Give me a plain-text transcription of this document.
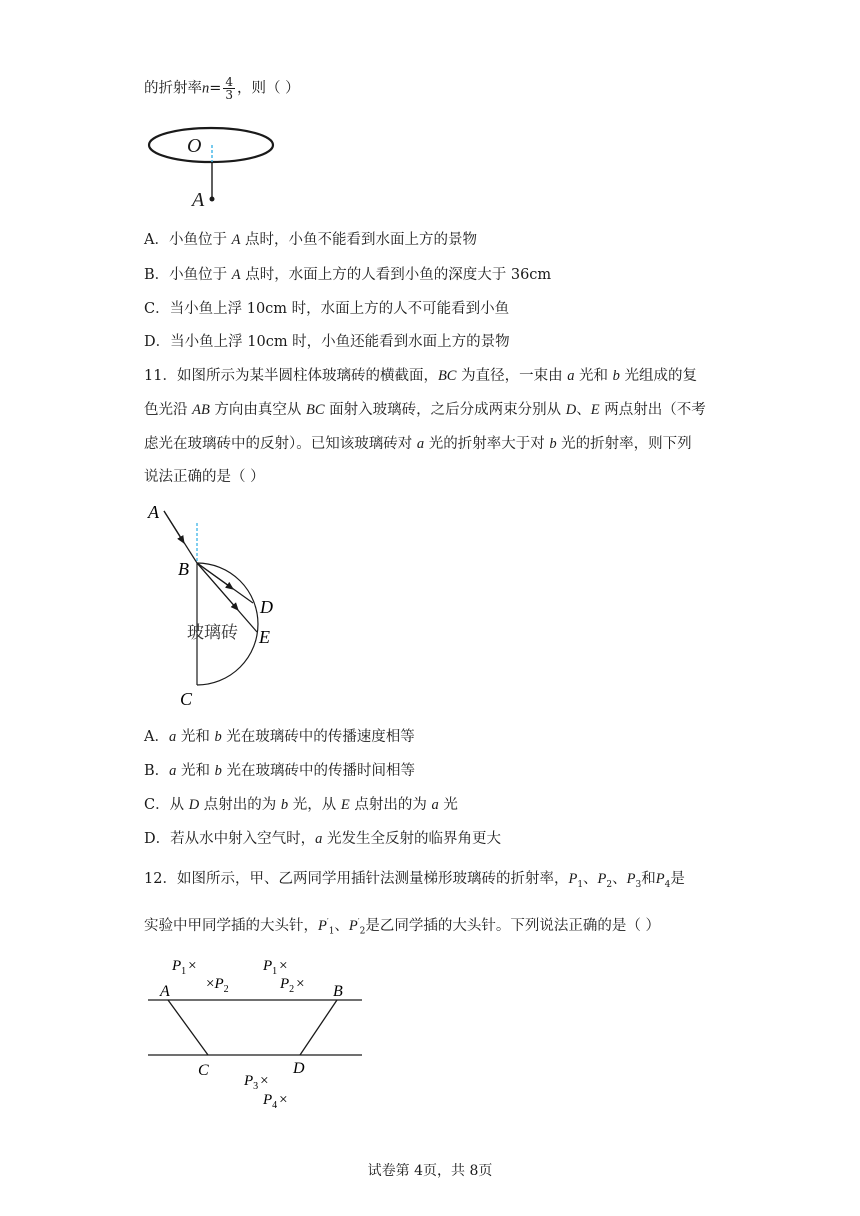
的折射率$n= \frac{4}{3}$ ，则（ ）
O
A
A．小鱼位于 A 点时，小鱼不能看到水面上方的景物
B．小鱼位于 A 点时，水面上方的人看到小鱼的深度大于 36cm
C．当小鱼上浮 10cm 时，水面上方的人不可能看到小鱼
D．当小鱼上浮 10cm 时，小鱼还能看到水面上方的景物
11．如图所示为某半圆柱体玻璃砖的横截面，BC 为直径，一束由 a 光和 b 光组成的复
色光沿 AB 方向由真空从 BC 面射入玻璃砖，之后分成两束分别从 D、E 两点射出（不考
虑光在玻璃砖中的反射）。已知该玻璃砖对 a 光的折射率大于对 b 光的折射率，则下列
说法正确的是（ ）
A
B
C
D
E
玻璃砖
A．a 光和 b 光在玻璃砖中的传播速度相等
B．a 光和 b 光在玻璃砖中的传播时间相等
C．从 D 点射出的为 b 光，从 E 点射出的为 a 光
D．若从水中射入空气时，a 光发生全反射的临界角更大
12．如图所示，甲、乙两同学用插针法测量梯形玻璃砖的折射率，$P_1$、$P_2$、$P_3$和$P_4$是
实验中甲同学插的大头针，$P'_1$、$P'_2$是乙同学插的大头针。下列说法正确的是（ ）
A	B
C	D
$P_1$ ×
$\times P_2$
$P_1$ ×
$P_2$ ×
$P_3$ ×
$P_4$ ×
试卷第 4页，共 8页
